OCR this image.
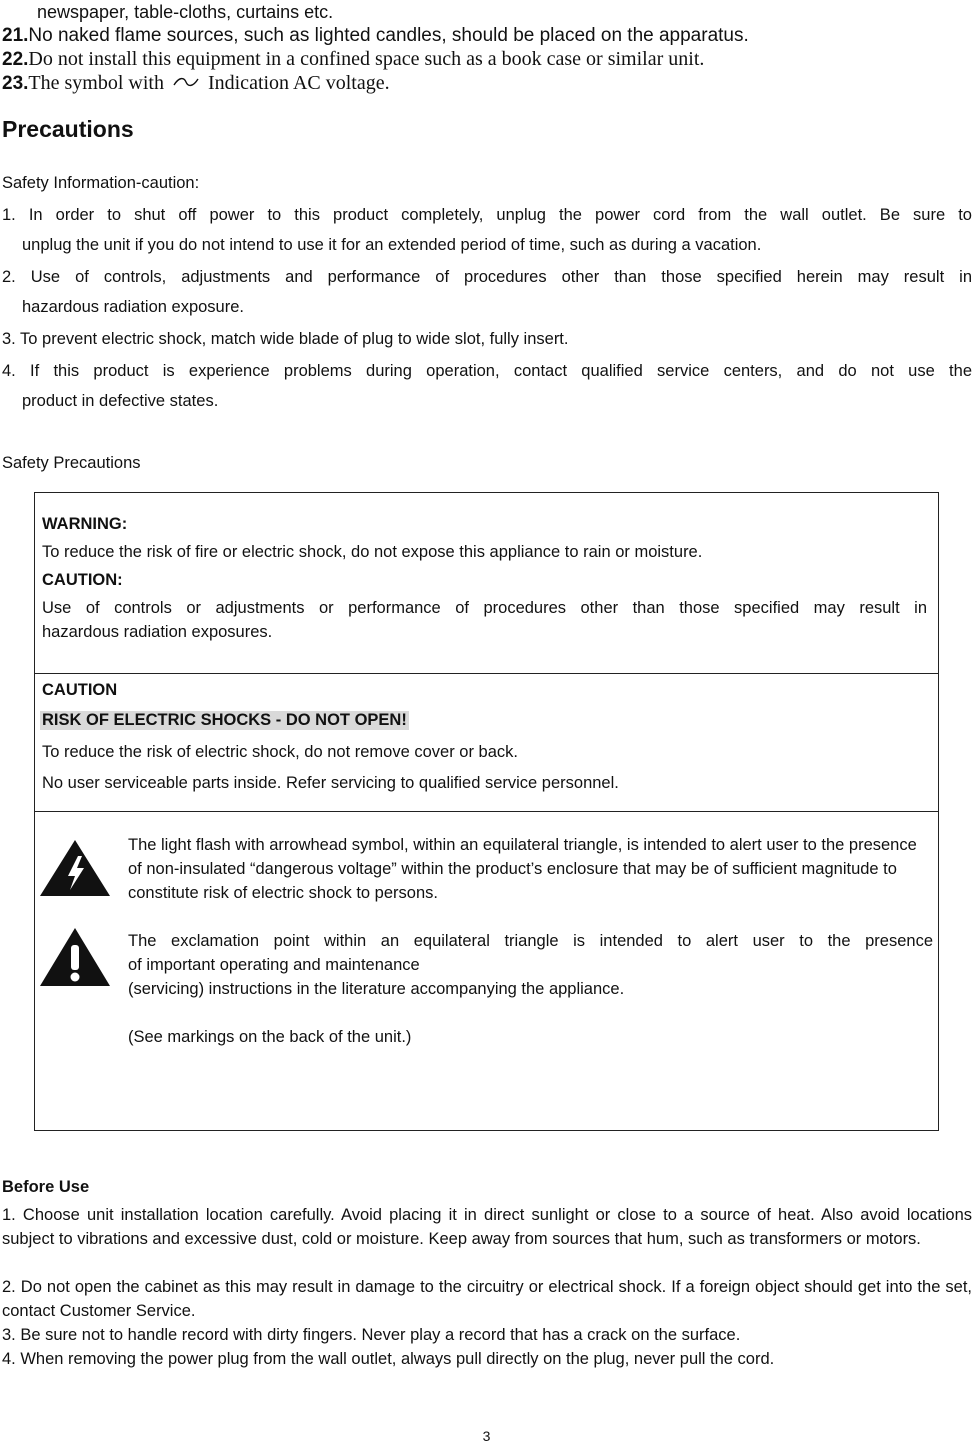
newspaper, table-cloths, curtains etc.
21.No naked flame sources, such as lighted candles, should be placed on the apparatus.
22.Do not install this equipment in a confined space such as a book case or similar unit.
23.The symbol with Indication AC voltage.
Precautions
Safety Information-caution:
1. In order to shut off power to this product completely, unplug the power cord from the wall outlet. Be sure to
unplug the unit if you do not intend to use it for an extended period of time, such as during a vacation.
2. Use of controls, adjustments and performance of procedures other than those specified herein may result in
hazardous radiation exposure.
3. To prevent electric shock, match wide blade of plug to wide slot, fully insert.
4. If this product is experience problems during operation, contact qualified service centers, and do not use the
product in defective states.
Safety Precautions
WARNING:
To reduce the risk of fire or electric shock, do not expose this appliance to rain or moisture.
CAUTION:
Use of controls or adjustments or performance of procedures other than those specified may result in
hazardous radiation exposures.
CAUTION
RISK OF ELECTRIC SHOCKS - DO NOT OPEN!
To reduce the risk of electric shock, do not remove cover or back.
No user serviceable parts inside. Refer servicing to qualified service personnel.
The light flash with arrowhead symbol, within an equilateral triangle, is intended to alert user to the presence of non-insulated “dangerous voltage” within the product’s enclosure that may be of sufficient magnitude to constitute risk of electric shock to persons.
The exclamation point within an equilateral triangle is intended to alert user to the presence
of important operating and maintenance
(servicing) instructions in the literature accompanying the appliance.
(See markings on the back of the unit.)
Before Use
1. Choose unit installation location carefully. Avoid placing it in direct sunlight or close to a source of heat. Also avoid locations subject to vibrations and excessive dust, cold or moisture. Keep away from sources that hum, such as transformers or motors.
2. Do not open the cabinet as this may result in damage to the circuitry or electrical shock. If a foreign object should get into the set, contact Customer Service.
3. Be sure not to handle record with dirty fingers. Never play a record that has a crack on the surface.
4. When removing the power plug from the wall outlet, always pull directly on the plug, never pull the cord.
3
